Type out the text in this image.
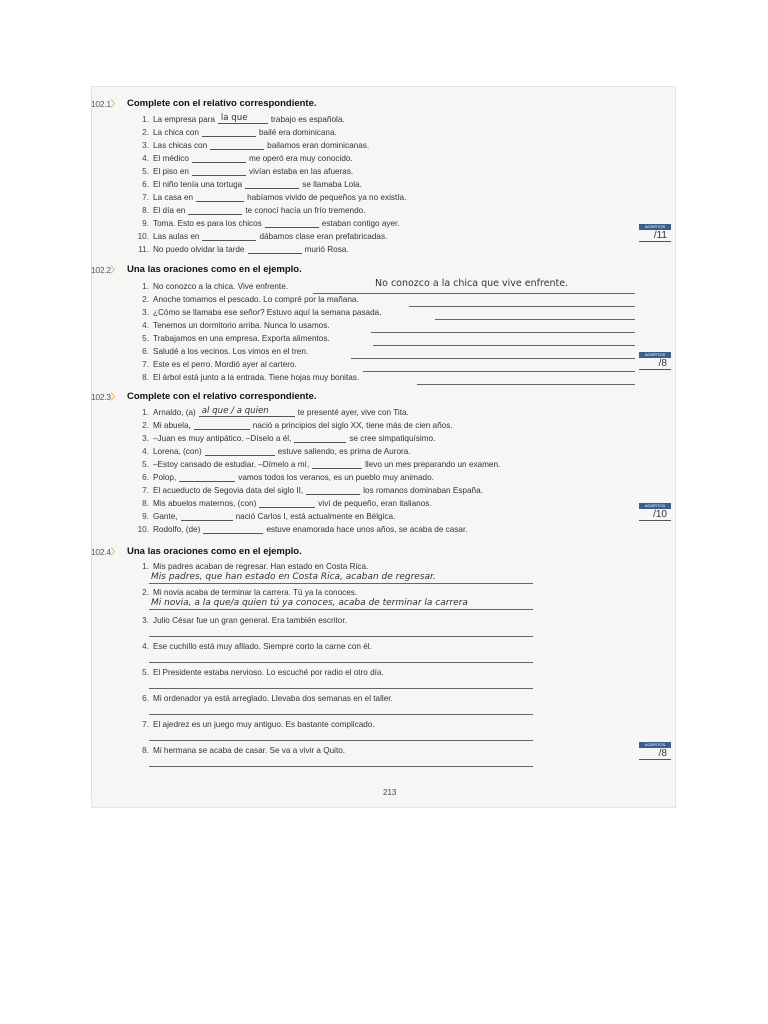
102.1〉 Complete con el relativo correspondiente.
1. La empresa para la que	trabajo es española.
2. La chica con	bailé era dominicana.
3. Las chicas con	bailamos eran dominicanas.
4. El médico	me operó era muy conocido.
5. El piso en	vivían estaba en las afueras.
6. El niño tenía una tortuga	se llamaba Lola.
7. La casa en	habíamos vivido de pequeños ya no existía.
8. El día en	te conocí hacía un frío tremendo.
9. Toma. Esto es para los chicos	estaban contigo ayer.
10. Las aulas en	dábamos clase eran prefabricadas.
11. No puedo olvidar la tarde	murió Rosa.
ACIERTOS
/11
102.2〉 Una las oraciones como en el ejemplo.
1. No conozco a la chica. Vive enfrente.	No conozco a la chica que vive enfrente.
2. Anoche tomamos el pescado. Lo compré por la mañana.
3. ¿Cómo se llamaba ese señor? Estuvo aquí la semana pasada.
4. Tenemos un dormitorio arriba. Nunca lo usamos.
5. Trabajamos en una empresa. Exporta alimentos.
6. Saludé a los vecinos. Los vimos en el tren.
7. Este es el perro. Mordió ayer al cartero.
8. El árbol está junto a la entrada. Tiene hojas muy bonitas.
ACIERTOS
/8
102.3〉 Complete con el relativo correspondiente.
1. Arnaldo, (a) al que / a quien	te presenté ayer, vive con Tita.
2. Mi abuela,	nació a principios del siglo XX, tiene más de cien años.
3. –Juan es muy antipático. –Díselo a él,	se cree simpatiquísimo.
4. Lorena, (con)	estuve saliendo, es prima de Aurora.
5. –Estoy cansado de estudiar. –Dímelo a mí,	llevo un mes preparando un examen.
6. Polop,	vamos todos los veranos, es un pueblo muy animado.
7. El acueducto de Segovia data del siglo II,	los romanos dominaban España.
8. Mis abuelos maternos, (con)	viví de pequeño, eran italianos.
9. Gante,	nació Carlos I, está actualmente en Bélgica.
10. Rodolfo, (de)	estuve enamorada hace unos años, se acaba de casar.
ACIERTOS
/10
102.4〉 Una las oraciones como en el ejemplo.
1. Mis padres acaban de regresar. Han estado en Costa Rica.
Mis padres, que han estado en Costa Rica, acaban de regresar.
2. Mi novia acaba de terminar la carrera. Tú ya la conoces.
Mi novia, a la que/a quien tú ya conoces, acaba de terminar la carrera
3. Julio César fue un gran general. Era también escritor.
4. Ese cuchillo está muy afilado. Siempre corto la carne con él.
5. El Presidente estaba nervioso. Lo escuché por radio el otro día.
6. Mi ordenador ya está arreglado. Llevaba dos semanas en el taller.
7. El ajedrez es un juego muy antiguo. Es bastante complicado.
8. Mi hermana se acaba de casar. Se va a vivir a Quito.
ACIERTOS
/8
213
